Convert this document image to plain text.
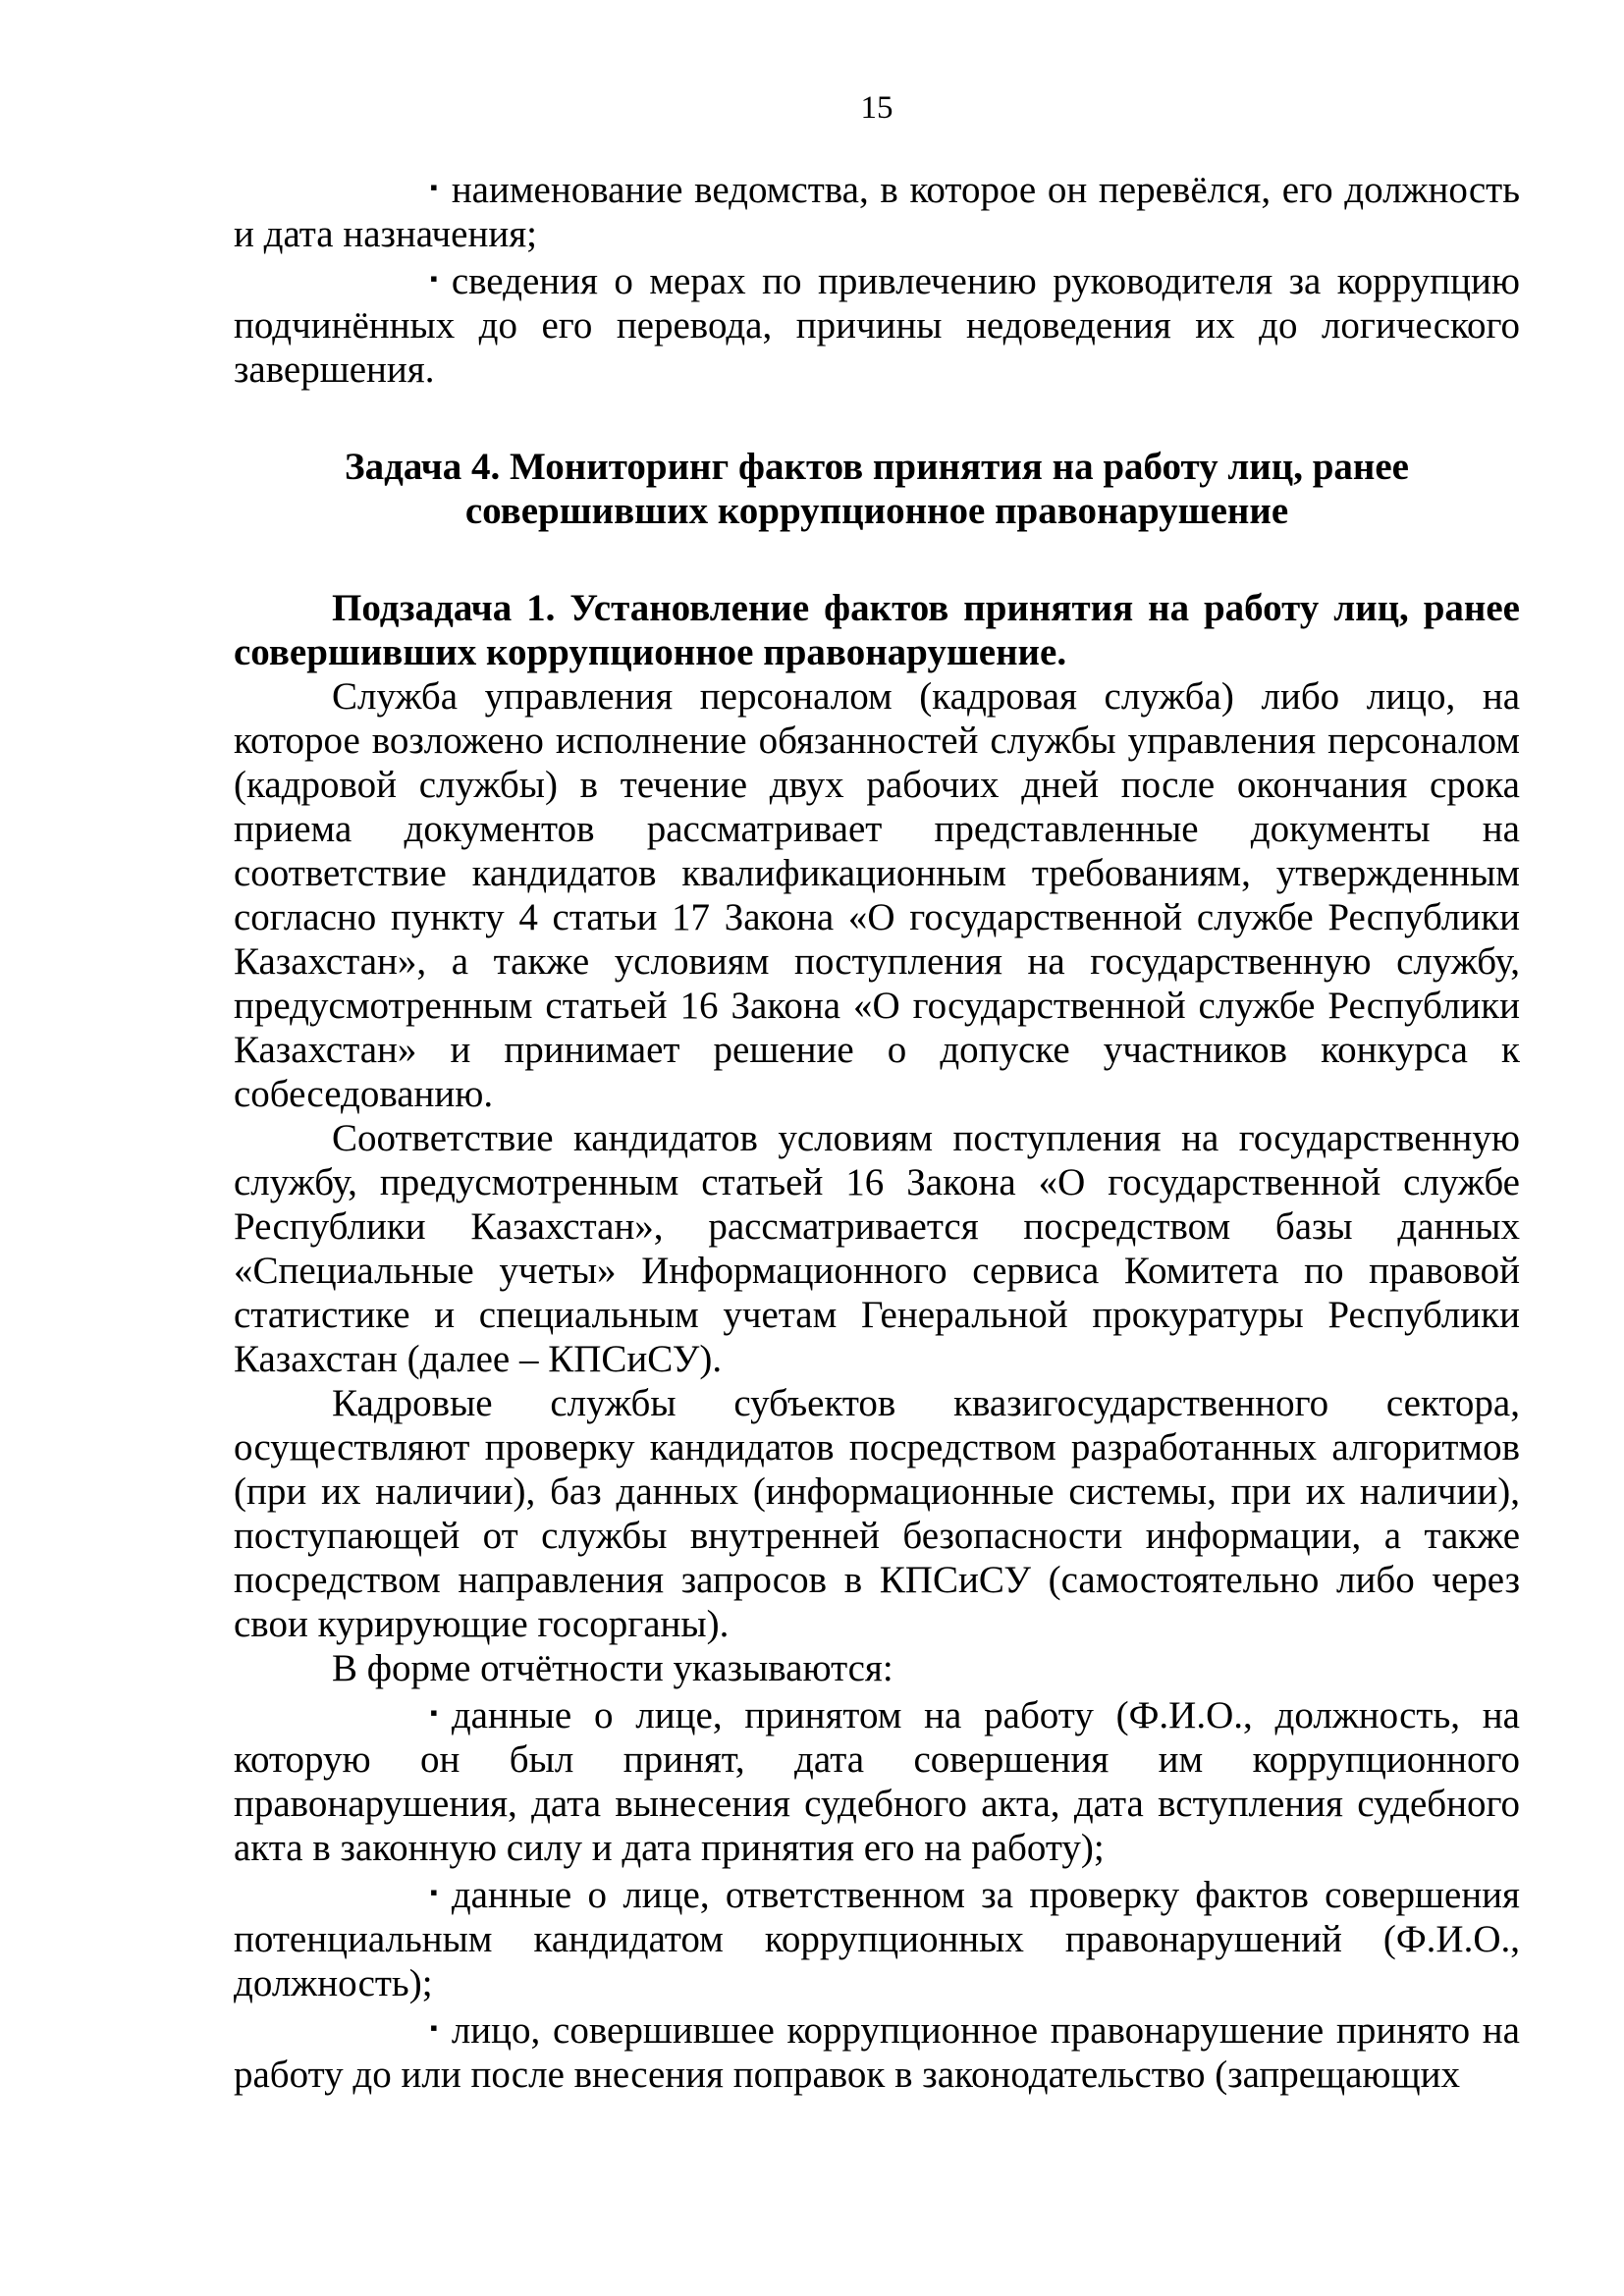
15

▪ наименование ведомства, в которое он перевёлся, его должность и дата назначения;

▪ сведения о мерах по привлечению руководителя за коррупцию подчинённых до его перевода, причины недоведения их до логического завершения.

Задача 4. Мониторинг фактов принятия на работу лиц, ранее
совершивших коррупционное правонарушение

Подзадача 1. Установление фактов принятия на работу лиц, ранее совершивших коррупционное правонарушение.

Служба управления персоналом (кадровая служба) либо лицо, на которое возложено исполнение обязанностей службы управления персоналом (кадровой службы) в течение двух рабочих дней после окончания срока приема документов рассматривает представленные документы на соответствие кандидатов квалификационным требованиям, утвержденным согласно пункту 4 статьи 17 Закона «О государственной службе Республики Казахстан», а также условиям поступления на государственную службу, предусмотренным статьей 16 Закона «О государственной службе Республики Казахстан» и принимает решение о допуске участников конкурса к собеседованию.

Соответствие кандидатов условиям поступления на государственную службу, предусмотренным статьей 16 Закона «О государственной службе Республики Казахстан», рассматривается посредством базы данных «Специальные учеты» Информационного сервиса Комитета по правовой статистике и специальным учетам Генеральной прокуратуры Республики Казахстан (далее – КПСиСУ).

Кадровые службы субъектов квазигосударственного сектора, осуществляют проверку кандидатов посредством разработанных алгоритмов (при их наличии), баз данных (информационные системы, при их наличии), поступающей от службы внутренней безопасности информации, а также посредством направления запросов в КПСиСУ (самостоятельно либо через свои курирующие госорганы).

В форме отчётности указываются:

▪ данные о лице, принятом на работу (Ф.И.О., должность, на которую он был принят, дата совершения им коррупционного правонарушения, дата вынесения судебного акта, дата вступления судебного акта в законную силу и дата принятия его на работу);

▪ данные о лице, ответственном за проверку фактов совершения потенциальным кандидатом коррупционных правонарушений (Ф.И.О., должность);

▪ лицо, совершившее коррупционное правонарушение принято на работу до или после внесения поправок в законодательство (запрещающих
